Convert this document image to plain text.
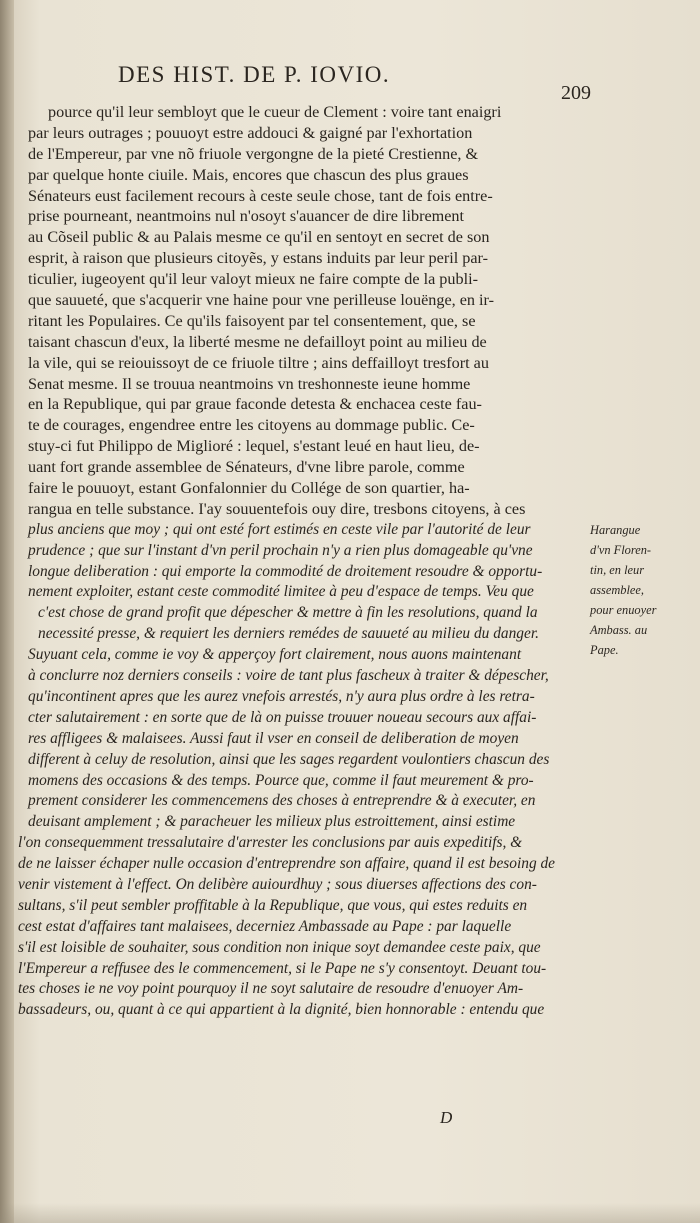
DES HIST. DE P. IOVIO.
209
pource qu'il leur sembloyt que le cueur de Clement : voire tant enaigri
par leurs outrages ; pouuoyt estre addouci & gaigné par l'exhortation
de l'Empereur, par vne nõ friuole vergongne de la pieté Crestienne, &
par quelque honte ciuile. Mais, encores que chascun des plus graues
Sénateurs eust facilement recours à ceste seule chose, tant de fois entre-
prise pourneant, neantmoins nul n'osoyt s'auancer de dire librement
au Cõseil public & au Palais mesme ce qu'il en sentoyt en secret de son
esprit, à raison que plusieurs citoyẽs, y estans induits par leur peril par-
ticulier, iugeoyent qu'il leur valoyt mieux ne faire compte de la publi-
que sauueté, que s'acquerir vne haine pour vne perilleuse louënge, en ir-
ritant les Populaires. Ce qu'ils faisoyent par tel consentement, que, se
taisant chascun d'eux, la liberté mesme ne defailloyt point au milieu de
la vile, qui se reiouissoyt de ce friuole tiltre ; ains deffailloyt tresfort au
Senat mesme. Il se trouua neantmoins vn treshonneste ieune homme
en la Republique, qui par graue faconde detesta & enchacea ceste fau-
te de courages, engendree entre les citoyens au dommage public. Ce-
stuy-ci fut Philippo de Miglioré : lequel, s'estant leué en haut lieu, de-
uant fort grande assemblee de Sénateurs, d'vne libre parole, comme
faire le pouuoyt, estant Gonfalonnier du Collége de son quartier, ha-
rangua en telle substance. I'ay souuentefois ouy dire, tresbons citoyens, à ces
plus anciens que moy ; qui ont esté fort estimés en ceste vile par l'autorité de leur
prudence ; que sur l'instant d'vn peril prochain n'y a rien plus domageable qu'vne
longue deliberation : qui emporte la commodité de droitement resoudre & opportu-
nement exploiter, estant ceste commodité limitee à peu d'espace de temps. Veu que
c'est chose de grand profit que dépescher & mettre à fin les resolutions, quand la
necessité presse, & requiert les derniers remédes de sauueté au milieu du danger.
Suyuant cela, comme ie voy & apperçoy fort clairement, nous auons maintenant
à conclurre noz derniers conseils : voire de tant plus fascheux à traiter & dépescher,
qu'incontinent apres que les aurez vnefois arrestés, n'y aura plus ordre à les retra-
cter salutairement : en sorte que de là on puisse trouuer noueau secours aux affai-
res affligees & malaisees. Aussi faut il vser en conseil de deliberation de moyen
different à celuy de resolution, ainsi que les sages regardent voulontiers chascun des
momens des occasions & des temps. Pource que, comme il faut meurement & pro-
prement considerer les commencemens des choses à entreprendre & à executer, en
deuisant amplement ; & paracheuer les milieux plus estroittement, ainsi estime
l'on consequemment tressalutaire d'arrester les conclusions par auis expeditifs, &
de ne laisser échaper nulle occasion d'entreprendre son affaire, quand il est besoing de
venir vistement à l'effect. On delibère auiourdhuy ; sous diuerses affections des con-
sultans, s'il peut sembler proffitable à la Republique, que vous, qui estes reduits en
cest estat d'affaires tant malaisees, decerniez Ambassade au Pape : par laquelle
s'il est loisible de souhaiter, sous condition non inique soyt demandee ceste paix, que
l'Empereur a reffusee des le commencement, si le Pape ne s'y consentoyt. Deuant tou-
tes choses ie ne voy point pourquoy il ne soyt salutaire de resoudre d'enuoyer Am-
bassadeurs, ou, quant à ce qui appartient à la dignité, bien honnorable : entendu que
Harangue
d'vn Floren-
tin, en leur
assemblee,
pour enuoyer
Ambass. au
Pape.
D
